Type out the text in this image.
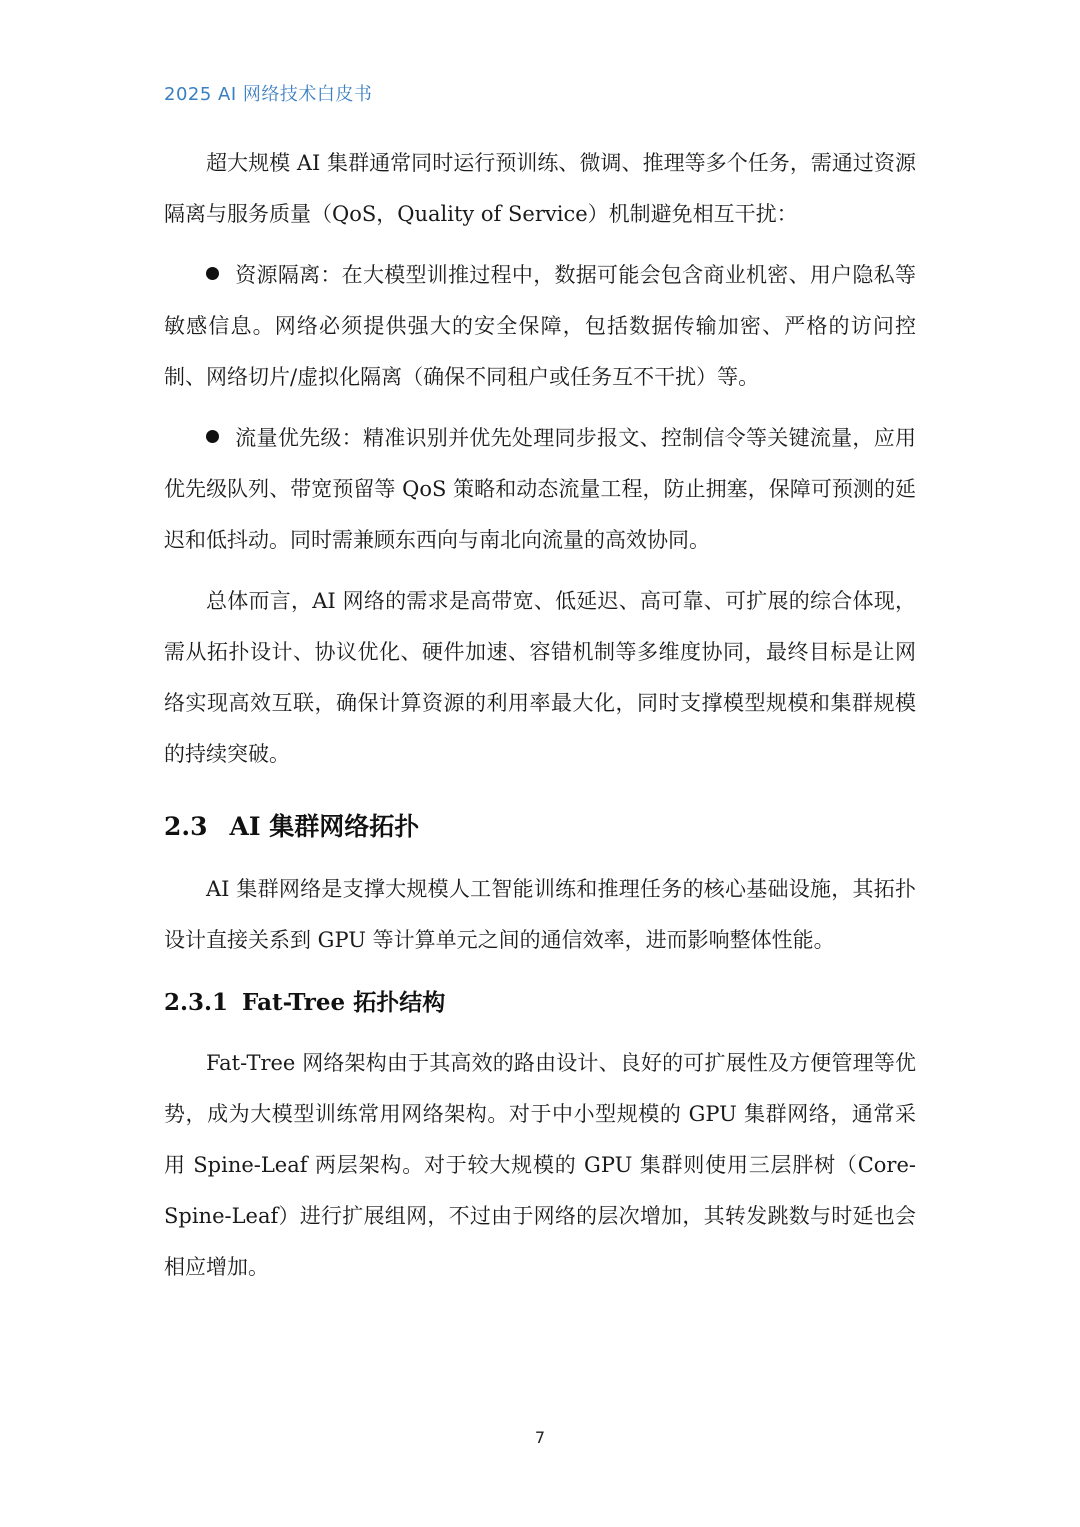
2025 AI 网络技术白皮书

超大规模 AI 集群通常同时运行预训练、微调、推理等多个任务，需通过资源隔离与服务质量（QoS，Quality of Service）机制避免相互干扰：

资源隔离：在大模型训推过程中，数据可能会包含商业机密、用户隐私等敏感信息。网络必须提供强大的安全保障，包括数据传输加密、严格的访问控制、网络切片/虚拟化隔离（确保不同租户或任务互不干扰）等。

流量优先级：精准识别并优先处理同步报文、控制信令等关键流量，应用优先级队列、带宽预留等 QoS 策略和动态流量工程，防止拥塞，保障可预测的延迟和低抖动。同时需兼顾东西向与南北向流量的高效协同。

总体而言，AI 网络的需求是高带宽、低延迟、高可靠、可扩展的综合体现，需从拓扑设计、协议优化、硬件加速、容错机制等多维度协同，最终目标是让网络实现高效互联，确保计算资源的利用率最大化，同时支撑模型规模和集群规模的持续突破。

2.3 AI 集群网络拓扑

AI 集群网络是支撑大规模人工智能训练和推理任务的核心基础设施，其拓扑设计直接关系到 GPU 等计算单元之间的通信效率，进而影响整体性能。

2.3.1 Fat-Tree 拓扑结构

Fat-Tree 网络架构由于其高效的路由设计、良好的可扩展性及方便管理等优势，成为大模型训练常用网络架构。对于中小型规模的 GPU 集群网络，通常采用 Spine-Leaf 两层架构。对于较大规模的 GPU 集群则使用三层胖树（Core-Spine-Leaf）进行扩展组网，不过由于网络的层次增加，其转发跳数与时延也会相应增加。

7
